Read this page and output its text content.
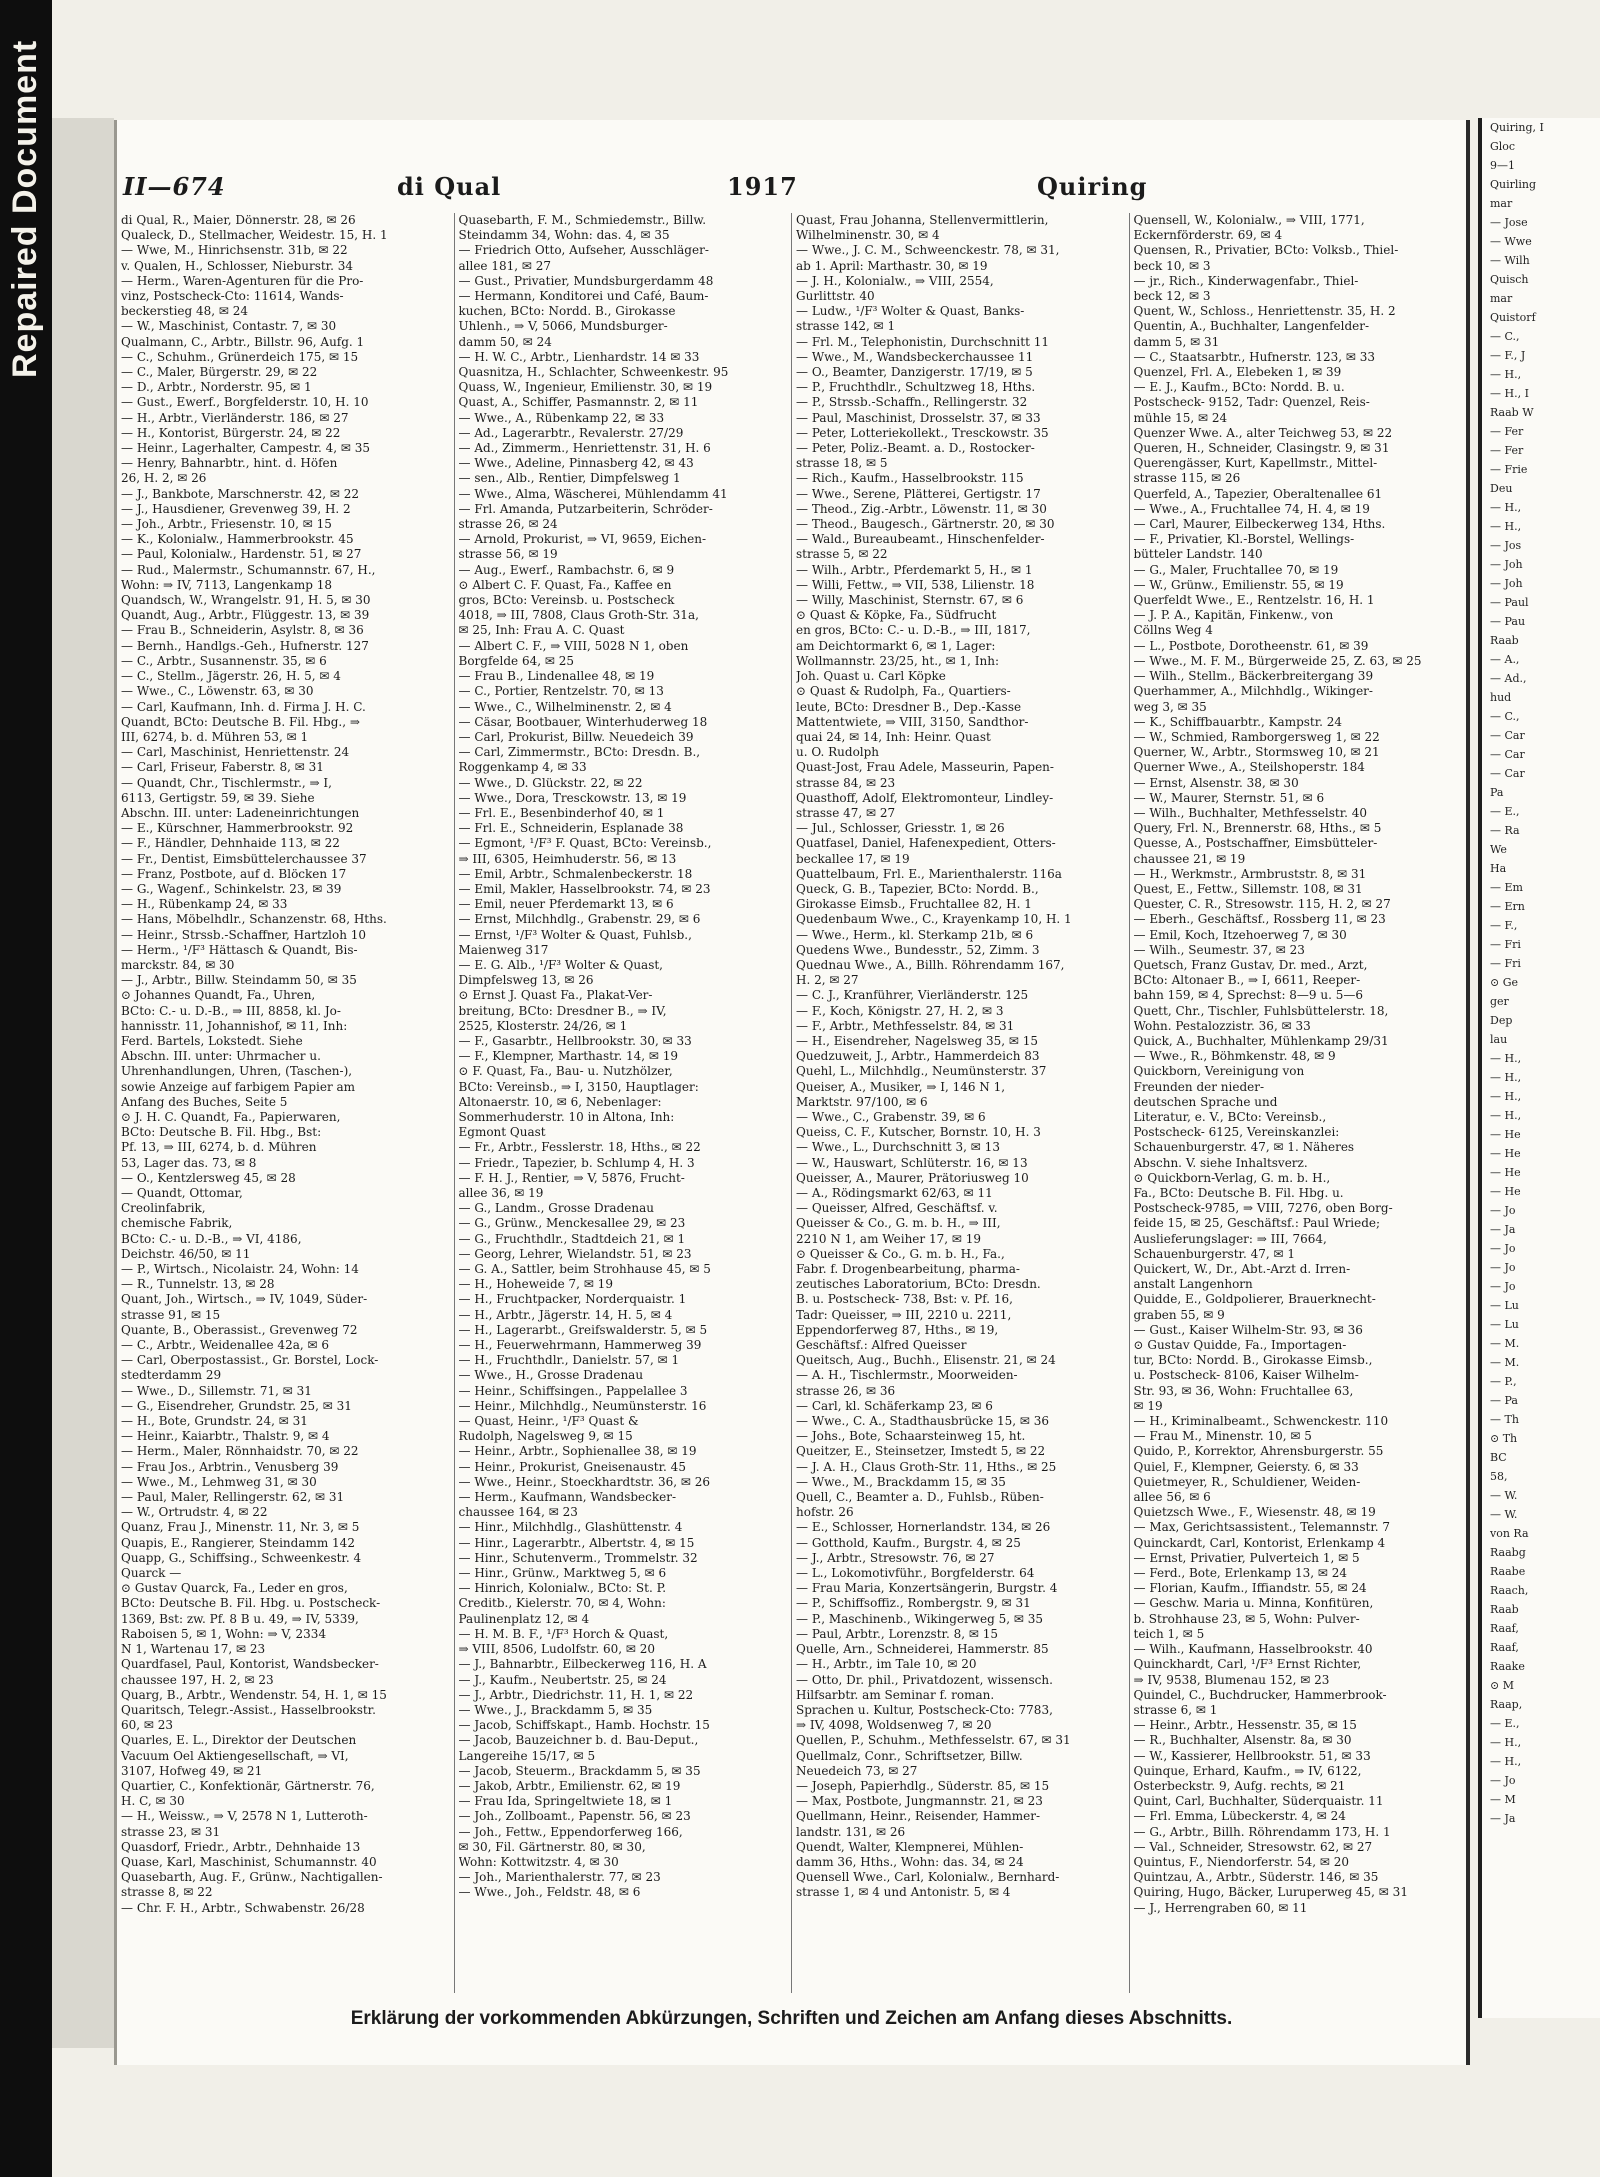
Repaired Document	II—674	di Qual	1917	Quiring
di Qual, R., Maier, Dönnerstr. 28, ✉ 26
Qualeck, D., Stellmacher, Weidestr. 15, H. 1
— Wwe, M., Hinrichsenstr. 31b, ✉ 22
v. Qualen, H., Schlosser, Nieburstr. 34
— Herm., Waren-Agenturen für die Pro-
vinz, Postscheck-Cto: 11614, Wands-
beckerstieg 48, ✉ 24
— W., Maschinist, Contastr. 7, ✉ 30
Qualmann, C., Arbtr., Billstr. 96, Aufg. 1
— C., Schuhm., Grünerdeich 175, ✉ 15
— C., Maler, Bürgerstr. 29, ✉ 22
— D., Arbtr., Norderstr. 95, ✉ 1
— Gust., Ewerf., Borgfelderstr. 10, H. 10
— H., Arbtr., Vierländerstr. 186, ✉ 27
— H., Kontorist, Bürgerstr. 24, ✉ 22
— Heinr., Lagerhalter, Campestr. 4, ✉ 35
— Henry, Bahnarbtr., hint. d. Höfen
26, H. 2, ✉ 26
— J., Bankbote, Marschnerstr. 42, ✉ 22
— J., Hausdiener, Grevenweg 39, H. 2
— Joh., Arbtr., Friesenstr. 10, ✉ 15
— K., Kolonialw., Hammerbrookstr. 45
— Paul, Kolonialw., Hardenstr. 51, ✉ 27
— Rud., Malermstr., Schumannstr. 67, H.,
Wohn: ⇒ IV, 7113, Langenkamp 18
Quandsch, W., Wrangelstr. 91, H. 5, ✉ 30
Quandt, Aug., Arbtr., Flüggestr. 13, ✉ 39
— Frau B., Schneiderin, Asylstr. 8, ✉ 36
— Bernh., Handlgs.-Geh., Hufnerstr. 127
— C., Arbtr., Susannenstr. 35, ✉ 6
— C., Stellm., Jägerstr. 26, H. 5, ✉ 4
— Wwe., C., Löwenstr. 63, ✉ 30
— Carl, Kaufmann, Inh. d. Firma J. H. C.
Quandt, BCto: Deutsche B. Fil. Hbg., ⇒
III, 6274, b. d. Mühren 53, ✉ 1
— Carl, Maschinist, Henriettenstr. 24
— Carl, Friseur, Faberstr. 8, ✉ 31
— Quandt, Chr., Tischlermstr., ⇒ I,
6113, Gertigstr. 59, ✉ 39. Siehe
Abschn. III. unter: Ladeneinrichtungen
— E., Kürschner, Hammerbrookstr. 92
— F., Händler, Dehnhaide 113, ✉ 22
— Fr., Dentist, Eimsbüttelerchaussee 37
— Franz, Postbote, auf d. Blöcken 17
— G., Wagenf., Schinkelstr. 23, ✉ 39
— H., Rübenkamp 24, ✉ 33
— Hans, Möbelhdlr., Schanzenstr. 68, Hths.
— Heinr., Strssb.-Schaffner, Hartzloh 10
— Herm., ¹/F³ Hättasch & Quandt, Bis-
marckstr. 84, ✉ 30
— J., Arbtr., Billw. Steindamm 50, ✉ 35
⊙ Johannes Quandt, Fa., Uhren,
BCto: C.- u. D.-B., ⇒ III, 8858, kl. Jo-
hannisstr. 11, Johannishof, ✉ 11, Inh:
Ferd. Bartels, Lokstedt. Siehe
Abschn. III. unter: Uhrmacher u.
Uhrenhandlungen, Uhren, (Taschen-),
sowie Anzeige auf farbigem Papier am
Anfang des Buches, Seite 5
⊙ J. H. C. Quandt, Fa., Papierwaren,
BCto: Deutsche B. Fil. Hbg., Bst:
Pf. 13, ⇒ III, 6274, b. d. Mühren
53, Lager das. 73, ✉ 8
— O., Kentzlersweg 45, ✉ 28
— Quandt, Ottomar,
Creolinfabrik,
chemische Fabrik,
BCto: C.- u. D.-B., ⇒ VI, 4186,
Deichstr. 46/50, ✉ 11
— P., Wirtsch., Nicolaistr. 24, Wohn: 14
— R., Tunnelstr. 13, ✉ 28
Quant, Joh., Wirtsch., ⇒ IV, 1049, Süder-
strasse 91, ✉ 15
Quante, B., Oberassist., Grevenweg 72
— C., Arbtr., Weidenallee 42a, ✉ 6
— Carl, Oberpostassist., Gr. Borstel, Lock-
stedterdamm 29
— Wwe., D., Sillemstr. 71, ✉ 31
— G., Eisendreher, Grundstr. 25, ✉ 31
— H., Bote, Grundstr. 24, ✉ 31
— Heinr., Kaiarbtr., Thalstr. 9, ✉ 4
— Herm., Maler, Rönnhaidstr. 70, ✉ 22
— Frau Jos., Arbtrin., Venusberg 39
— Wwe., M., Lehmweg 31, ✉ 30
— Paul, Maler, Rellingerstr. 62, ✉ 31
— W., Ortrudstr. 4, ✉ 22
Quanz, Frau J., Minenstr. 11, Nr. 3, ✉ 5
Quapis, E., Rangierer, Steindamm 142
Quapp, G., Schiffsing., Schweenkestr. 4
Quarck —
⊙ Gustav Quarck, Fa., Leder en gros,
BCto: Deutsche B. Fil. Hbg. u. Postscheck-
1369, Bst: zw. Pf. 8 B u. 49, ⇒ IV, 5339,
Raboisen 5, ✉ 1, Wohn: ⇒ V, 2334
N 1, Wartenau 17, ✉ 23
Quardfasel, Paul, Kontorist, Wandsbecker-
chaussee 197, H. 2, ✉ 23
Quarg, B., Arbtr., Wendenstr. 54, H. 1, ✉ 15
Quaritsch, Telegr.-Assist., Hasselbrookstr.
60, ✉ 23
Quarles, E. L., Direktor der Deutschen
Vacuum Oel Aktiengesellschaft, ⇒ VI,
3107, Hofweg 49, ✉ 21
Quartier, C., Konfektionär, Gärtnerstr. 76,
H. C, ✉ 30
— H., Weissw., ⇒ V, 2578 N 1, Lutteroth-
strasse 23, ✉ 31
Quasdorf, Friedr., Arbtr., Dehnhaide 13
Quase, Karl, Maschinist, Schumannstr. 40
Quasebarth, Aug. F., Grünw., Nachtigallen-
strasse 8, ✉ 22
— Chr. F. H., Arbtr., Schwabenstr. 26/28
Quasebarth, F. M., Schmiedemstr., Billw.
Steindamm 34, Wohn: das. 4, ✉ 35
— Friedrich Otto, Aufseher, Ausschläger-
allee 181, ✉ 27
— Gust., Privatier, Mundsburgerdamm 48
— Hermann, Konditorei und Café, Baum-
kuchen, BCto: Nordd. B., Girokasse
Uhlenh., ⇒ V, 5066, Mundsburger-
damm 50, ✉ 24
— H. W. C., Arbtr., Lienhardstr. 14 ✉ 33
Quasnitza, H., Schlachter, Schweenkestr. 95
Quass, W., Ingenieur, Emilienstr. 30, ✉ 19
Quast, A., Schiffer, Pasmannstr. 2, ✉ 11
— Wwe., A., Rübenkamp 22, ✉ 33
— Ad., Lagerarbtr., Revalerstr. 27/29
— Ad., Zimmerm., Henriettenstr. 31, H. 6
— Wwe., Adeline, Pinnasberg 42, ✉ 43
— sen., Alb., Rentier, Dimpfelsweg 1
— Wwe., Alma, Wäscherei, Mühlendamm 41
— Frl. Amanda, Putzarbeiterin, Schröder-
strasse 26, ✉ 24
— Arnold, Prokurist, ⇒ VI, 9659, Eichen-
strasse 56, ✉ 19
— Aug., Ewerf., Rambachstr. 6, ✉ 9
⊙ Albert C. F. Quast, Fa., Kaffee en
gros, BCto: Vereinsb. u. Postscheck
4018, ⇒ III, 7808, Claus Groth-Str. 31a,
✉ 25, Inh: Frau A. C. Quast
— Albert C. F., ⇒ VIII, 5028 N 1, oben
Borgfelde 64, ✉ 25
— Frau B., Lindenallee 48, ✉ 19
— C., Portier, Rentzelstr. 70, ✉ 13
— Wwe., C., Wilhelminenstr. 2, ✉ 4
— Cäsar, Bootbauer, Winterhuderweg 18
— Carl, Prokurist, Billw. Neuedeich 39
— Carl, Zimmermstr., BCto: Dresdn. B.,
Roggenkamp 4, ✉ 33
— Wwe., D. Glückstr. 22, ✉ 22
— Wwe., Dora, Tresckowstr. 13, ✉ 19
— Frl. E., Besenbinderhof 40, ✉ 1
— Frl. E., Schneiderin, Esplanade 38
— Egmont, ¹/F³ F. Quast, BCto: Vereinsb.,
⇒ III, 6305, Heimhuderstr. 56, ✉ 13
— Emil, Arbtr., Schmalenbeckerstr. 18
— Emil, Makler, Hasselbrookstr. 74, ✉ 23
— Emil, neuer Pferdemarkt 13, ✉ 6
— Ernst, Milchhdlg., Grabenstr. 29, ✉ 6
— Ernst, ¹/F³ Wolter & Quast, Fuhlsb.,
Maienweg 317
— E. G. Alb., ¹/F³ Wolter & Quast,
Dimpfelsweg 13, ✉ 26
⊙ Ernst J. Quast Fa., Plakat-Ver-
breitung, BCto: Dresdner B., ⇒ IV,
2525, Klosterstr. 24/26, ✉ 1
— F., Gasarbtr., Hellbrookstr. 30, ✉ 33
— F., Klempner, Marthastr. 14, ✉ 19
⊙ F. Quast, Fa., Bau- u. Nutzhölzer,
BCto: Vereinsb., ⇒ I, 3150, Hauptlager:
Altonaerstr. 10, ✉ 6, Nebenlager:
Sommerhuderstr. 10 in Altona, Inh:
Egmont Quast
— Fr., Arbtr., Fesslerstr. 18, Hths., ✉ 22
— Friedr., Tapezier, b. Schlump 4, H. 3
— F. H. J., Rentier, ⇒ V, 5876, Frucht-
allee 36, ✉ 19
— G., Landm., Grosse Dradenau
— G., Grünw., Menckesallee 29, ✉ 23
— G., Fruchthdlr., Stadtdeich 21, ✉ 1
— Georg, Lehrer, Wielandstr. 51, ✉ 23
— G. A., Sattler, beim Strohhause 45, ✉ 5
— H., Hoheweide 7, ✉ 19
— H., Fruchtpacker, Norderquaistr. 1
— H., Arbtr., Jägerstr. 14, H. 5, ✉ 4
— H., Lagerarbt., Greifswalderstr. 5, ✉ 5
— H., Feuerwehrmann, Hammerweg 39
— H., Fruchthdlr., Danielstr. 57, ✉ 1
— Wwe., H., Grosse Dradenau
— Heinr., Schiffsingen., Pappelallee 3
— Heinr., Milchhdlg., Neumünsterstr. 16
— Quast, Heinr., ¹/F³ Quast &
Rudolph, Nagelsweg 9, ✉ 15
— Heinr., Arbtr., Sophienallee 38, ✉ 19
— Heinr., Prokurist, Gneisenaustr. 45
— Wwe., Heinr., Stoeckhardtstr. 36, ✉ 26
— Herm., Kaufmann, Wandsbecker-
chaussee 164, ✉ 23
— Hinr., Milchhdlg., Glashüttenstr. 4
— Hinr., Lagerarbtr., Albertstr. 4, ✉ 15
— Hinr., Schutenverm., Trommelstr. 32
— Hinr., Grünw., Marktweg 5, ✉ 6
— Hinrich, Kolonialw., BCto: St. P.
Creditb., Kielerstr. 70, ✉ 4, Wohn:
Paulinenplatz 12, ✉ 4
— H. M. B. F., ¹/F³ Horch & Quast,
⇒ VIII, 8506, Ludolfstr. 60, ✉ 20
— J., Bahnarbtr., Eilbeckerweg 116, H. A
— J., Kaufm., Neubertstr. 25, ✉ 24
— J., Arbtr., Diedrichstr. 11, H. 1, ✉ 22
— Wwe., J., Brackdamm 5, ✉ 35
— Jacob, Schiffskapt., Hamb. Hochstr. 15
— Jacob, Bauzeichner b. d. Bau-Deput.,
Langereihe 15/17, ✉ 5
— Jacob, Steuerm., Brackdamm 5, ✉ 35
— Jakob, Arbtr., Emilienstr. 62, ✉ 19
— Frau Ida, Springeltwiete 18, ✉ 1
— Joh., Zollboamt., Papenstr. 56, ✉ 23
— Joh., Fettw., Eppendorferweg 166,
✉ 30, Fil. Gärtnerstr. 80, ✉ 30,
Wohn: Kottwitzstr. 4, ✉ 30
— Joh., Marienthalerstr. 77, ✉ 23
— Wwe., Joh., Feldstr. 48, ✉ 6
Quast, Frau Johanna, Stellenvermittlerin,
Wilhelminenstr. 30, ✉ 4
— Wwe., J. C. M., Schweenckestr. 78, ✉ 31,
ab 1. April: Marthastr. 30, ✉ 19
— J. H., Kolonialw., ⇒ VIII, 2554,
Gurlittstr. 40
— Ludw., ¹/F³ Wolter & Quast, Banks-
strasse 142, ✉ 1
— Frl. M., Telephonistin, Durchschnitt 11
— Wwe., M., Wandsbeckerchaussee 11
— O., Beamter, Danzigerstr. 17/19, ✉ 5
— P., Fruchthdlr., Schultzweg 18, Hths.
— P., Strssb.-Schaffn., Rellingerstr. 32
— Paul, Maschinist, Drosselstr. 37, ✉ 33
— Peter, Lotteriekollekt., Tresckowstr. 35
— Peter, Poliz.-Beamt. a. D., Rostocker-
strasse 18, ✉ 5
— Rich., Kaufm., Hasselbrookstr. 115
— Wwe., Serene, Plätterei, Gertigstr. 17
— Theod., Zig.-Arbtr., Löwenstr. 11, ✉ 30
— Theod., Baugesch., Gärtnerstr. 20, ✉ 30
— Wald., Bureaubeamt., Hinschenfelder-
strasse 5, ✉ 22
— Wilh., Arbtr., Pferdemarkt 5, H., ✉ 1
— Willi, Fettw., ⇒ VII, 538, Lilienstr. 18
— Willy, Maschinist, Sternstr. 67, ✉ 6
⊙ Quast & Köpke, Fa., Südfrucht
en gros, BCto: C.- u. D.-B., ⇒ III, 1817,
am Deichtormarkt 6, ✉ 1, Lager:
Wollmannstr. 23/25, ht., ✉ 1, Inh:
Joh. Quast u. Carl Köpke
⊙ Quast & Rudolph, Fa., Quartiers-
leute, BCto: Dresdner B., Dep.-Kasse
Mattentwiete, ⇒ VIII, 3150, Sandthor-
quai 24, ✉ 14, Inh: Heinr. Quast
u. O. Rudolph
Quast-Jost, Frau Adele, Masseurin, Papen-
strasse 84, ✉ 23
Quasthoff, Adolf, Elektromonteur, Lindley-
strasse 47, ✉ 27
— Jul., Schlosser, Griesstr. 1, ✉ 26
Quatfasel, Daniel, Hafenexpedient, Otters-
beckallee 17, ✉ 19
Quattelbaum, Frl. E., Marienthalerstr. 116a
Queck, G. B., Tapezier, BCto: Nordd. B.,
Girokasse Eimsb., Fruchtallee 82, H. 1
Quedenbaum Wwe., C., Krayenkamp 10, H. 1
— Wwe., Herm., kl. Sterkamp 21b, ✉ 6
Quedens Wwe., Bundesstr., 52, Zimm. 3
Quednau Wwe., A., Billh. Röhrendamm 167,
H. 2, ✉ 27
— C. J., Kranführer, Vierländerstr. 125
— F., Koch, Königstr. 27, H. 2, ✉ 3
— F., Arbtr., Methfesselstr. 84, ✉ 31
— H., Eisendreher, Nagelsweg 35, ✉ 15
Quedzuweit, J., Arbtr., Hammerdeich 83
Quehl, L., Milchhdlg., Neumünsterstr. 37
Queiser, A., Musiker, ⇒ I, 146 N 1,
Marktstr. 97/100, ✉ 6
— Wwe., C., Grabenstr. 39, ✉ 6
Queiss, C. F., Kutscher, Bornstr. 10, H. 3
— Wwe., L., Durchschnitt 3, ✉ 13
— W., Hauswart, Schlüterstr. 16, ✉ 13
Queisser, A., Maurer, Prätoriusweg 10
— A., Rödingsmarkt 62/63, ✉ 11
— Queisser, Alfred, Geschäftsf. v.
Queisser & Co., G. m. b. H., ⇒ III,
2210 N 1, am Weiher 17, ✉ 19
⊙ Queisser & Co., G. m. b. H., Fa.,
Fabr. f. Drogenbearbeitung, pharma-
zeutisches Laboratorium, BCto: Dresdn.
B. u. Postscheck- 738, Bst: v. Pf. 16,
Tadr: Queisser, ⇒ III, 2210 u. 2211,
Eppendorferweg 87, Hths., ✉ 19,
Geschäftsf.: Alfred Queisser
Queitsch, Aug., Buchh., Elisenstr. 21, ✉ 24
— A. H., Tischlermstr., Moorweiden-
strasse 26, ✉ 36
— Carl, kl. Schäferkamp 23, ✉ 6
— Wwe., C. A., Stadthausbrücke 15, ✉ 36
— Johs., Bote, Schaarsteinweg 15, ht.
Queitzer, E., Steinsetzer, Imstedt 5, ✉ 22
— J. A. H., Claus Groth-Str. 11, Hths., ✉ 25
— Wwe., M., Brackdamm 15, ✉ 35
Quell, C., Beamter a. D., Fuhlsb., Rüben-
hofstr. 26
— E., Schlosser, Hornerlandstr. 134, ✉ 26
— Gotthold, Kaufm., Burgstr. 4, ✉ 25
— J., Arbtr., Stresowstr. 76, ✉ 27
— L., Lokomotivführ., Borgfelderstr. 64
— Frau Maria, Konzertsängerin, Burgstr. 4
— P., Schiffsoffiz., Rombergstr. 9, ✉ 31
— P., Maschinenb., Wikingerweg 5, ✉ 35
— Paul, Arbtr., Lorenzstr. 8, ✉ 15
Quelle, Arn., Schneiderei, Hammerstr. 85
— H., Arbtr., im Tale 10, ✉ 20
— Otto, Dr. phil., Privatdozent, wissensch.
Hilfsarbtr. am Seminar f. roman.
Sprachen u. Kultur, Postscheck-Cto: 7783,
⇒ IV, 4098, Woldsenweg 7, ✉ 20
Quellen, P., Schuhm., Methfesselstr. 67, ✉ 31
Quellmalz, Conr., Schriftsetzer, Billw.
Neuedeich 73, ✉ 27
— Joseph, Papierhdlg., Süderstr. 85, ✉ 15
— Max, Postbote, Jungmannstr. 21, ✉ 23
Quellmann, Heinr., Reisender, Hammer-
landstr. 131, ✉ 26
Quendt, Walter, Klempnerei, Mühlen-
damm 36, Hths., Wohn: das. 34, ✉ 24
Quensell Wwe., Carl, Kolonialw., Bernhard-
strasse 1, ✉ 4 und Antonistr. 5, ✉ 4
Quensell, W., Kolonialw., ⇒ VIII, 1771,
Eckernförderstr. 69, ✉ 4
Quensen, R., Privatier, BCto: Volksb., Thiel-
beck 10, ✉ 3
— jr., Rich., Kinderwagenfabr., Thiel-
beck 12, ✉ 3
Quent, W., Schloss., Henriettenstr. 35, H. 2
Quentin, A., Buchhalter, Langenfelder-
damm 5, ✉ 31
— C., Staatsarbtr., Hufnerstr. 123, ✉ 33
Quenzel, Frl. A., Elebeken 1, ✉ 39
— E. J., Kaufm., BCto: Nordd. B. u.
Postscheck- 9152, Tadr: Quenzel, Reis-
mühle 15, ✉ 24
Quenzer Wwe. A., alter Teichweg 53, ✉ 22
Queren, H., Schneider, Clasingstr. 9, ✉ 31
Querengässer, Kurt, Kapellmstr., Mittel-
strasse 115, ✉ 26
Querfeld, A., Tapezier, Oberaltenallee 61
— Wwe., A., Fruchtallee 74, H. 4, ✉ 19
— Carl, Maurer, Eilbeckerweg 134, Hths.
— F., Privatier, Kl.-Borstel, Wellings-
bütteler Landstr. 140
— G., Maler, Fruchtallee 70, ✉ 19
— W., Grünw., Emilienstr. 55, ✉ 19
Querfeldt Wwe., E., Rentzelstr. 16, H. 1
— J. P. A., Kapitän, Finkenw., von
Cöllns Weg 4
— L., Postbote, Dorotheenstr. 61, ✉ 39
— Wwe., M. F. M., Bürgerweide 25, Z. 63, ✉ 25
— Wilh., Stellm., Bäckerbreitergang 39
Querhammer, A., Milchhdlg., Wikinger-
weg 3, ✉ 35
— K., Schiffbauarbtr., Kampstr. 24
— W., Schmied, Ramborgersweg 1, ✉ 22
Querner, W., Arbtr., Stormsweg 10, ✉ 21
Querner Wwe., A., Steilshoperstr. 184
— Ernst, Alsenstr. 38, ✉ 30
— W., Maurer, Sternstr. 51, ✉ 6
— Wilh., Buchhalter, Methfesselstr. 40
Query, Frl. N., Brennerstr. 68, Hths., ✉ 5
Quesse, A., Postschaffner, Eimsbütteler-
chaussee 21, ✉ 19
— H., Werkmstr., Armbruststr. 8, ✉ 31
Quest, E., Fettw., Sillemstr. 108, ✉ 31
Quester, C. R., Stresowstr. 115, H. 2, ✉ 27
— Eberh., Geschäftsf., Rossberg 11, ✉ 23
— Emil, Koch, Itzehoerweg 7, ✉ 30
— Wilh., Seumestr. 37, ✉ 23
Quetsch, Franz Gustav, Dr. med., Arzt,
BCto: Altonaer B., ⇒ I, 6611, Reeper-
bahn 159, ✉ 4, Sprechst: 8—9 u. 5—6
Quett, Chr., Tischler, Fuhlsbüttelerstr. 18,
Wohn. Pestalozzistr. 36, ✉ 33
Quick, A., Buchhalter, Mühlenkamp 29/31
— Wwe., R., Böhmkenstr. 48, ✉ 9
Quickborn, Vereinigung von
Freunden der nieder-
deutschen Sprache und
Literatur, e. V., BCto: Vereinsb.,
Postscheck- 6125, Vereinskanzlei:
Schauenburgerstr. 47, ✉ 1. Näheres
Abschn. V. siehe Inhaltsverz.
⊙ Quickborn-Verlag, G. m. b. H.,
Fa., BCto: Deutsche B. Fil. Hbg. u.
Postscheck-9785, ⇒ VIII, 7276, oben Borg-
feide 15, ✉ 25, Geschäftsf.: Paul Wriede;
Auslieferungslager: ⇒ III, 7664,
Schauenburgerstr. 47, ✉ 1
Quickert, W., Dr., Abt.-Arzt d. Irren-
anstalt Langenhorn
Quidde, E., Goldpolierer, Brauerknecht-
graben 55, ✉ 9
— Gust., Kaiser Wilhelm-Str. 93, ✉ 36
⊙ Gustav Quidde, Fa., Importagen-
tur, BCto: Nordd. B., Girokasse Eimsb.,
u. Postscheck- 8106, Kaiser Wilhelm-
Str. 93, ✉ 36, Wohn: Fruchtallee 63,
✉ 19
— H., Kriminalbeamt., Schwenckestr. 110
— Frau M., Minenstr. 10, ✉ 5
Quido, P., Korrektor, Ahrensburgerstr. 55
Quiel, F., Klempner, Geiersty. 6, ✉ 33
Quietmeyer, R., Schuldiener, Weiden-
allee 56, ✉ 6
Quietzsch Wwe., F., Wiesenstr. 48, ✉ 19
— Max, Gerichtsassistent., Telemannstr. 7
Quinckardt, Carl, Kontorist, Erlenkamp 4
— Ernst, Privatier, Pulverteich 1, ✉ 5
— Ferd., Bote, Erlenkamp 13, ✉ 24
— Florian, Kaufm., Iffiandstr. 55, ✉ 24
— Geschw. Maria u. Minna, Konfitüren,
b. Strohhause 23, ✉ 5, Wohn: Pulver-
teich 1, ✉ 5
— Wilh., Kaufmann, Hasselbrookstr. 40
Quinckhardt, Carl, ¹/F³ Ernst Richter,
⇒ IV, 9538, Blumenau 152, ✉ 23
Quindel, C., Buchdrucker, Hammerbrook-
strasse 6, ✉ 1
— Heinr., Arbtr., Hessenstr. 35, ✉ 15
— R., Buchhalter, Alsenstr. 8a, ✉ 30
— W., Kassierer, Hellbrookstr. 51, ✉ 33
Quinque, Erhard, Kaufm., ⇒ IV, 6122,
Osterbeckstr. 9, Aufg. rechts, ✉ 21
Quint, Carl, Buchhalter, Süderquaistr. 11
— Frl. Emma, Lübeckerstr. 4, ✉ 24
— G., Arbtr., Billh. Röhrendamm 173, H. 1
— Val., Schneider, Stresowstr. 62, ✉ 27
Quintus, F., Niendorferstr. 54, ✉ 20
Quintzau, A., Arbtr., Süderstr. 146, ✉ 35
Quiring, Hugo, Bäcker, Luruperweg 45, ✉ 31
— J., Herrengraben 60, ✉ 11
Erklärung der vorkommenden Abkürzungen, Schriften und Zeichen am Anfang dieses Abschnitts.
Quiring, I
Gloc
9—1
Quirling
mar
— Jose
— Wwe
— Wilh
Quisch
mar
Quistorf
— C.,
— F., J
— H.,
— H., I
Raab W
— Fer
— Fer
— Frie
Deu
— H.,
— H.,
— Jos
— Joh
— Joh
— Paul
— Pau
Raab
— A.,
— Ad.,
hud
— C.,
— Car
— Car
— Car
Pa
— E.,
— Ra
We
Ha
— Em
— Ern
— F.,
— Fri
— Fri
⊙ Ge
ger
Dep
lau
— H.,
— H.,
— H.,
— H.,
— He
— He
— He
— He
— Jo
— Ja
— Jo
— Jo
— Jo
— Lu
— Lu
— M.
— M.
— P.,
— Pa
— Th
⊙ Th
BC
58,
— W.
— W.
von Ra
Raabg
Raabe
Raach,
Raab
Raaf,
Raaf,
Raake
⊙ M
Raap,
— E.,
— H.,
— H.,
— Jo
— M
— Ja
